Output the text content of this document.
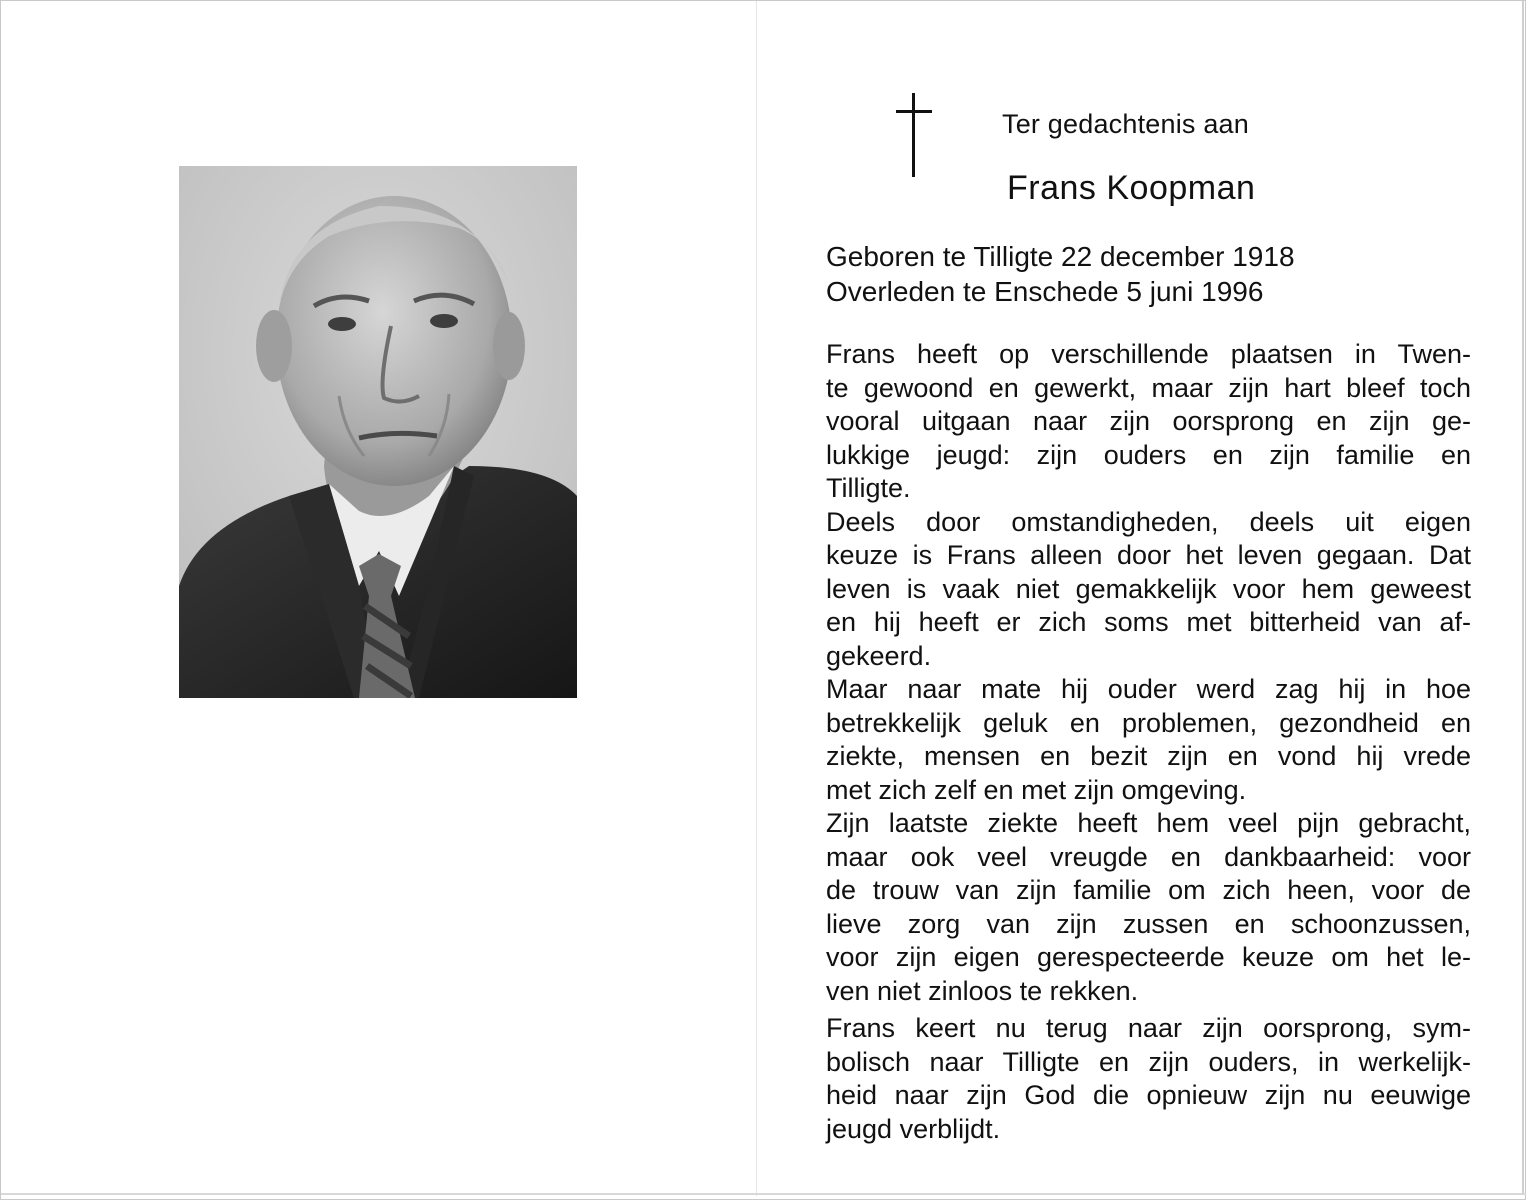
Ter gedachtenis aan
Frans Koopman
Geboren te Tilligte 22 december 1918
Overleden te Enschede 5 juni 1996
Frans heeft op verschillende plaatsen in Twen-
te gewoond en gewerkt, maar zijn hart bleef toch
vooral uitgaan naar zijn oorsprong en zijn ge-
lukkige jeugd: zijn ouders en zijn familie en
Tilligte.
Deels door omstandigheden, deels uit eigen
keuze is Frans alleen door het leven gegaan. Dat
leven is vaak niet gemakkelijk voor hem geweest
en hij heeft er zich soms met bitterheid van af-
gekeerd.
Maar naar mate hij ouder werd zag hij in hoe
betrekkelijk geluk en problemen, gezondheid en
ziekte, mensen en bezit zijn en vond hij vrede
met zich zelf en met zijn omgeving.
Zijn laatste ziekte heeft hem veel pijn gebracht,
maar ook veel vreugde en dankbaarheid: voor
de trouw van zijn familie om zich heen, voor de
lieve zorg van zijn zussen en schoonzussen,
voor zijn eigen gerespecteerde keuze om het le-
ven niet zinloos te rekken.
Frans keert nu terug naar zijn oorsprong, sym-
bolisch naar Tilligte en zijn ouders, in werkelijk-
heid naar zijn God die opnieuw zijn nu eeuwige
jeugd verblijdt.
